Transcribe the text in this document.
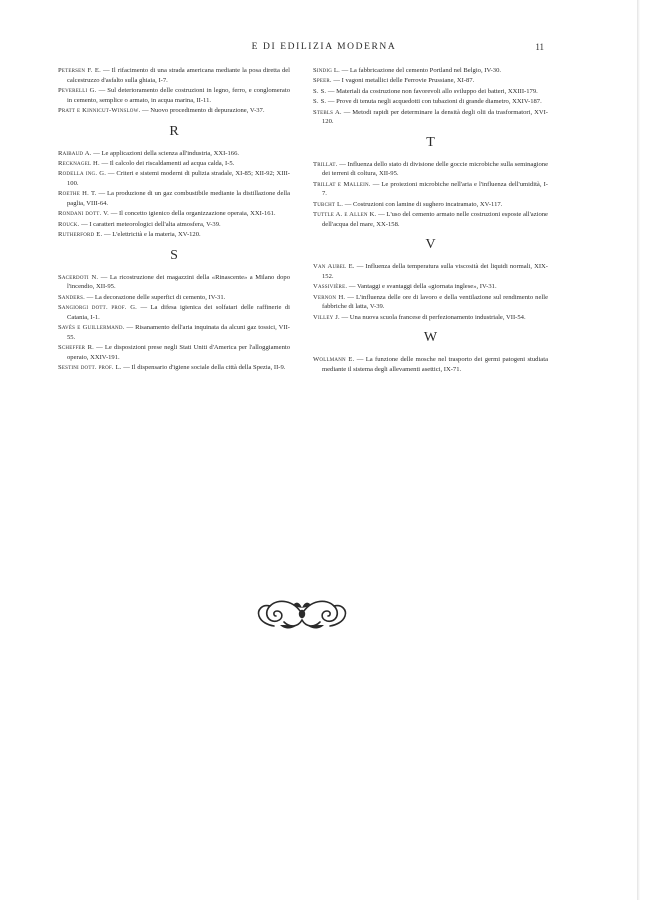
E DI EDILIZIA MODERNA	11

Petersen F. E. — Il rifacimento di una strada americana mediante la posa diretta del calcestruzzo d'asfalto sulla ghiaia, I-7.

Peverelli G. — Sul deterioramento delle costruzioni in legno, ferro, e conglomerato in cemento, semplice o armato, in acqua marina, II-11.

Pratt e Kinnicut-Winslow. — Nuovo procedimento di depurazione, V-37.

R

Raibaud A. — Le applicazioni della scienza all'industria, XXI-166.

Recknagel H. — Il calcolo dei riscaldamenti ad acqua calda, I-5.

Rodella ing. G. — Criteri e sistemi moderni di pulizia stradale, XI-85; XII-92; XIII-100.

Roethe H. T. — La produzione di un gaz combustibile mediante la distillazione della paglia, VIII-64.

Rondani dott. V. — Il concetto igienico della organizzazione operaia, XXI-161.

Rouck. — I caratteri meteorologici dell'alta atmosfera, V-39.

Rutherford E. — L'elettricità e la materia, XV-120.

S

Sacerdoti N. — La ricostruzione dei magazzini della «Rinascente» a Milano dopo l'incendio, XII-95.

Sanders. — La decorazione delle superfici di cemento, IV-31.

Sangiorgi dott. prof. G. — La difesa igienica dei solfatari delle raffinerie di Catania, I-1.

Savès e Guillermand. — Risanamento dell'aria inquinata da alcuni gaz tossici, VII-55.

Scheffer R. — Le disposizioni prese negli Stati Uniti d'America per l'alloggiamento operaio, XXIV-191.

Sestini dott. prof. L. — Il dispensario d'igiene sociale della città della Spezia, II-9.

Sindig L. — La fabbricazione del cemento Portland nel Belgio, IV-30.

Speer. — I vagoni metallici delle Ferrovie Prussiane, XI-87.

S. S. — Materiali da costruzione non favorevoli allo sviluppo dei batteri, XXIII-179.

S. S. — Prove di tenuta negli acquedotti con tubazioni di grande diametro, XXIV-187.

Stebls A. — Metodi rapidi per determinare la densità degli olii da trasformatori, XVI-120.

T

Trillat. — Influenza dello stato di divisione delle goccie microbiche sulla seminagione dei terreni di coltura, XII-95.

Trillat e Mallein. — Le proiezioni microbiche nell'aria e l'influenza dell'umidità, I-7.

Tubcht L. — Costruzioni con lamine di sughero incatramato, XV-117.

Tuttle A. e Allen K. — L'uso del cemento armato nelle costruzioni esposte all'azione dell'acqua del mare, XX-158.

V

Van Aubel E. — Influenza della temperatura sulla viscosità dei liquidi normali, XIX-152.

Vassivière. — Vantaggi e svantaggi della «giornata inglese», IV-31.

Vernon H. — L'influenza delle ore di lavoro e della ventilazione sul rendimento nelle fabbriche di latta, V-39.

Villey J. — Una nuova scuola francese di perfezionamento industriale, VII-54.

W

Wollmann E. — La funzione delle mosche nel trasporto dei germi patogeni studiata mediante il sistema degli allevamenti asettici, IX-71.
